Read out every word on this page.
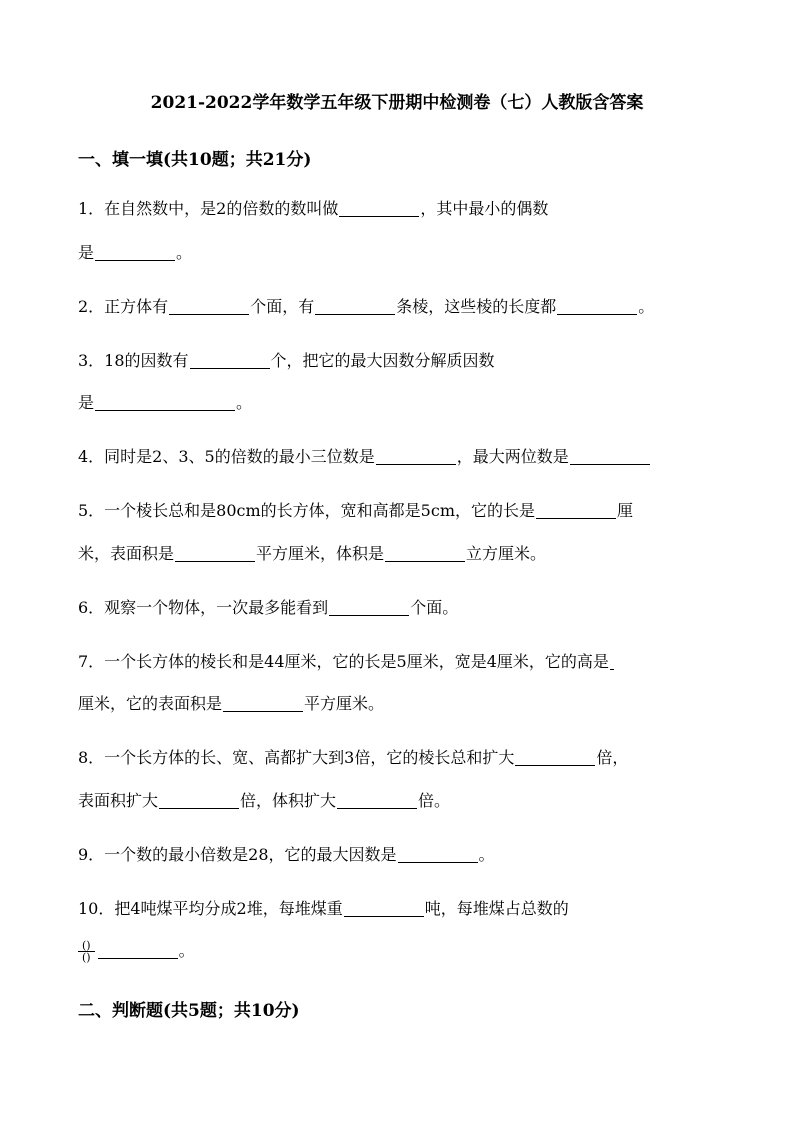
2021-2022学年数学五年级下册期中检测卷（七）人教版含答案
一、填一填(共10题；共21分)
1．在自然数中，是2的倍数的数叫做	，其中最小的偶数
是	。
2．正方体有	个面，有	条棱，这些棱的长度都	。
3．18的因数有	个，把它的最大因数分解质因数
是	。
4．同时是2、3、5的倍数的最小三位数是	，最大两位数是
5．一个棱长总和是80cm的长方体，宽和高都是5cm，它的长是	厘
米，表面积是	平方厘米，体积是	立方厘米。
6．观察一个物体，一次最多能看到	个面。
7．一个长方体的棱长和是44厘米，它的长是5厘米，宽是4厘米，它的高是
厘米，它的表面积是	平方厘米。
8．一个长方体的长、宽、高都扩大到3倍，它的棱长总和扩大	倍，
表面积扩大	倍，体积扩大	倍。
9．一个数的最小倍数是28，它的最大因数是	。
10．把4吨煤平均分成2堆，每堆煤重	吨，每堆煤占总数的
$\frac{()}{()}$	。
二、判断题(共5题；共10分)
